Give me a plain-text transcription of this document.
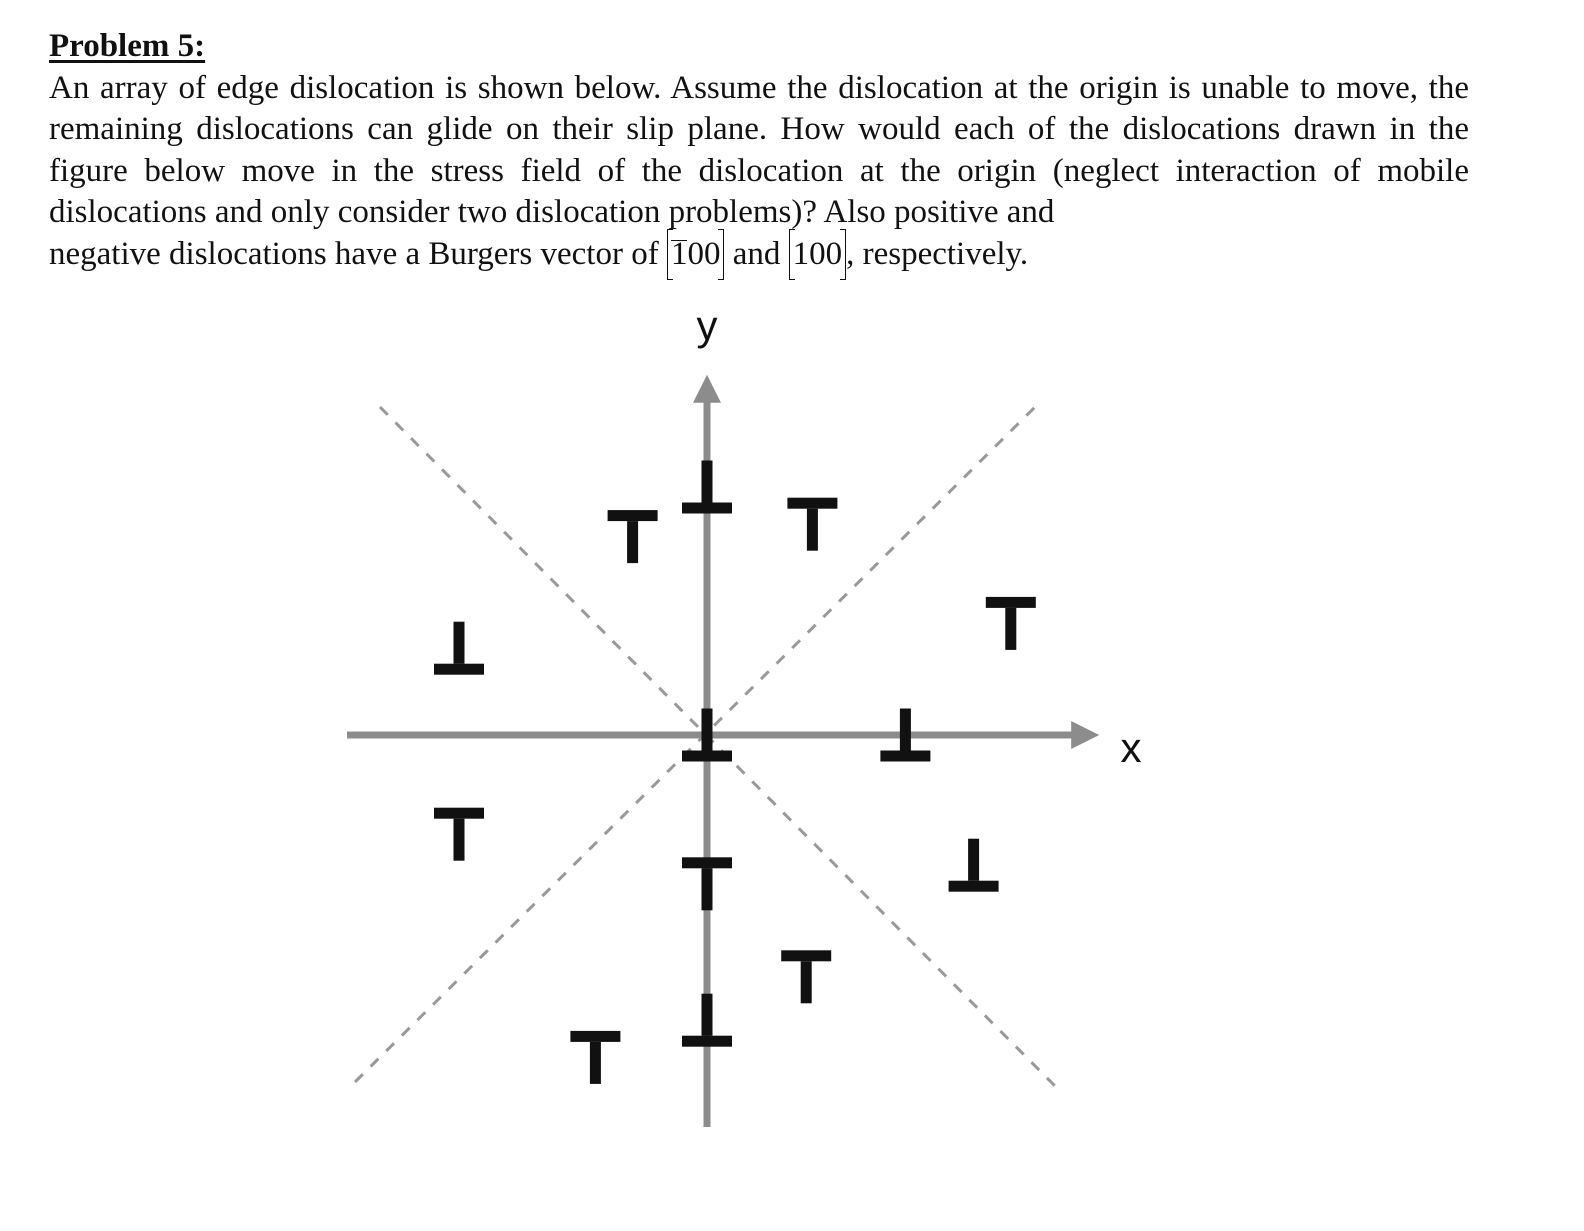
Problem 5:

An array of edge dislocation is shown below. Assume the dislocation at the origin is unable to move, the remaining dislocations can glide on their slip plane. How would each of the dislocations drawn in the figure below move in the stress field of the dislocation at the origin (neglect interaction of mobile dislocations and only consider two dislocation problems)? Also positive and

negative dislocations have a Burgers vector of 100 and 100 , respectively.

x
y
